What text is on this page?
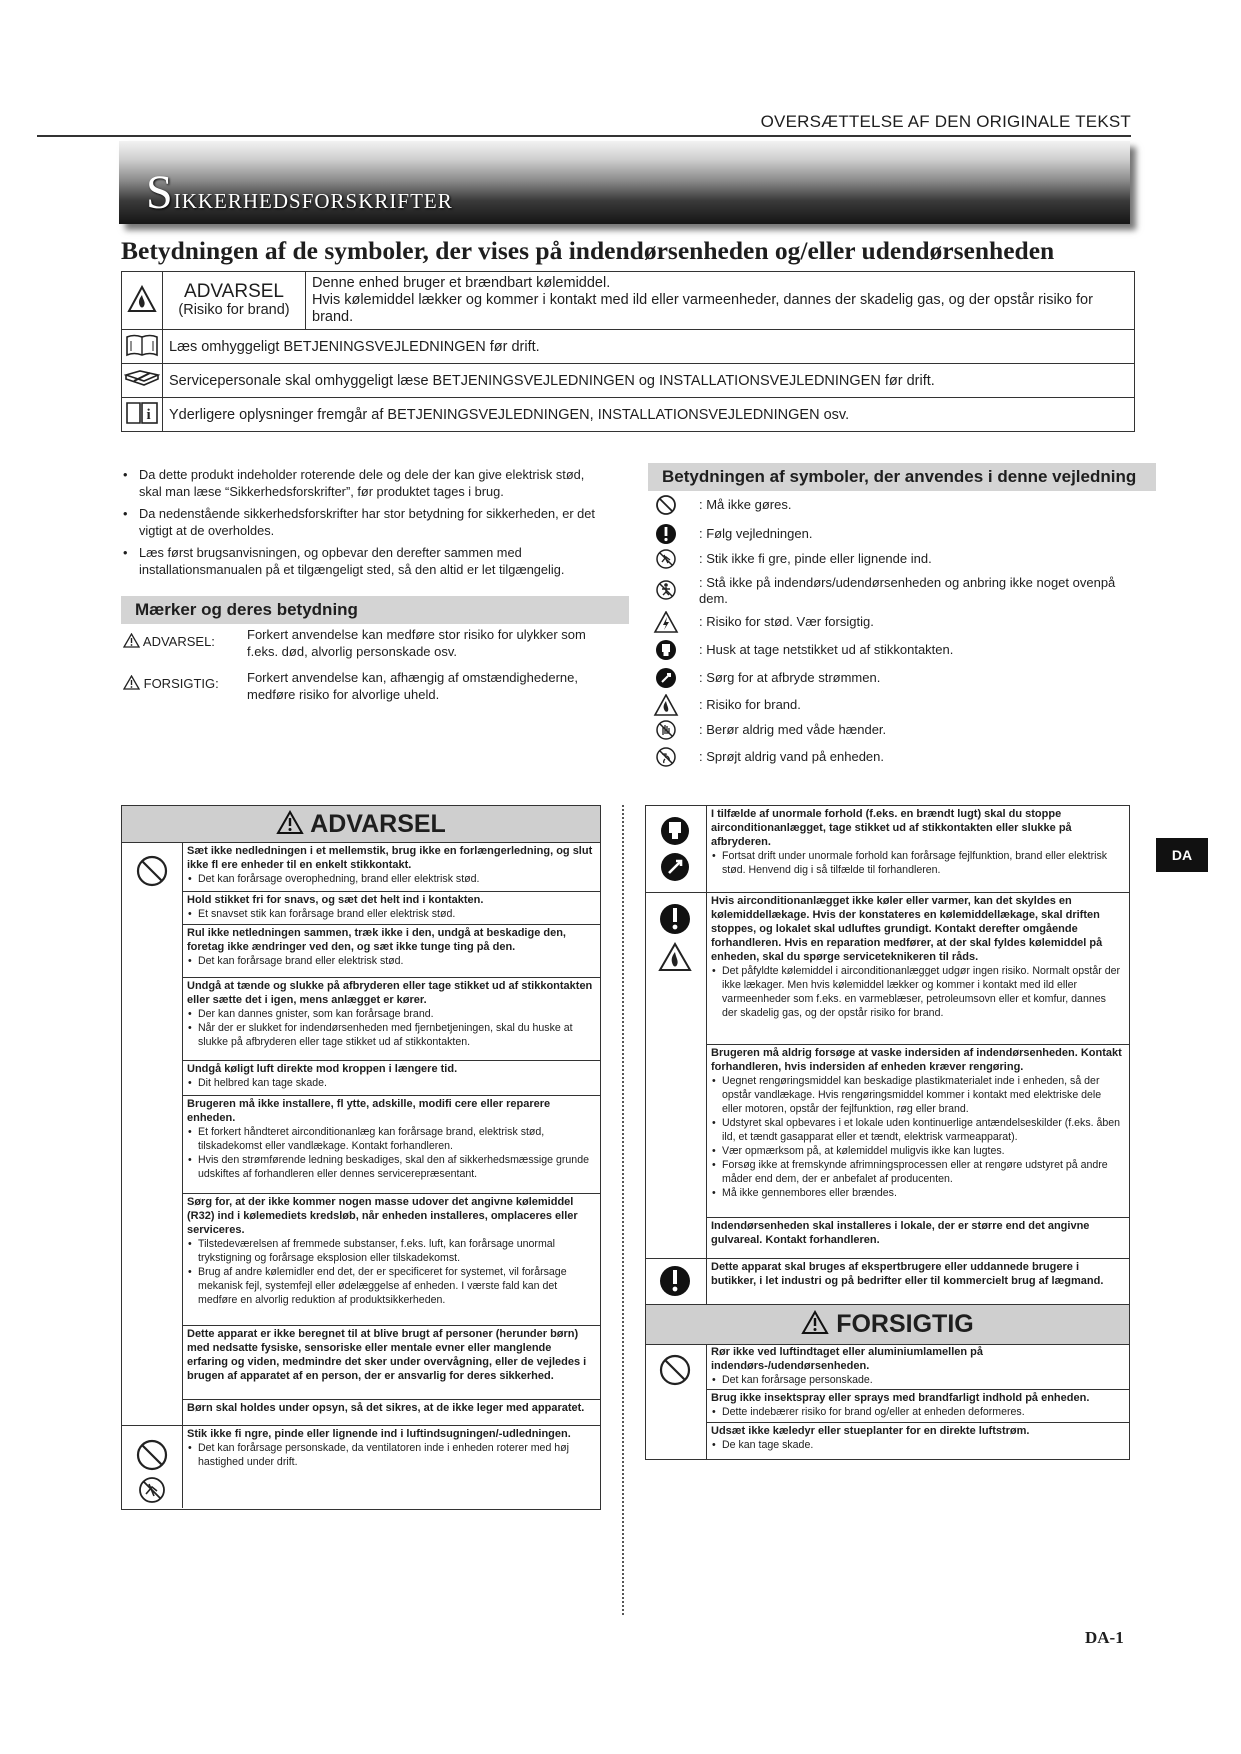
OVERSÆTTELSE AF DEN ORIGINALE TEKST
Sikkerhedsforskrifter
Betydningen af de symboler, der vises på indendørsenheden og/eller udendørsenheden
	ADVARSEL
(Risiko for brand)	Denne enhed bruger et brændbart kølemiddel.
Hvis kølemiddel lækker og kommer i kontakt med ild eller varmeenheder, dannes der skadelig gas, og der opstår risiko for brand.
	Læs omhyggeligt BETJENINGSVEJLEDNINGEN før drift.	
	Servicepersonale skal omhyggeligt læse BETJENINGSVEJLEDNINGEN og INSTALLATIONSVEJLEDNINGEN før drift.	

i	Yderligere oplysninger fremgår af BETJENINGSVEJLEDNINGEN, INSTALLATIONSVEJLEDNINGEN osv.	
• Da dette produkt indeholder roterende dele og dele der kan give elektrisk stød, skal man læse “Sikkerhedsforskrifter”, før produktet tages i brug.
• Da nedenstående sikkerhedsforskrifter har stor betydning for sikkerheden, er det vigtigt at de overholdes.
• Læs først brugsanvisningen, og opbevar den derefter sammen med installationsmanualen på et tilgængeligt sted, så den altid er let tilgængelig.
Mærker og deres betydning
ADVARSEL:	Forkert anvendelse kan medføre stor risiko for ulykker som f.eks. død, alvorlig personskade osv.
FORSIGTIG:	Forkert anvendelse kan, afhængig af omstændighederne, medføre risiko for alvorlige uheld.
Betydningen af symboler, der anvendes i denne vejledning
: Må ikke gøres.
: Følg vejledningen.
: Stik ikke fi gre, pinde eller lignende ind.
: Stå ikke på indendørs/udendørsenheden og anbring ikke noget ovenpå dem.
: Risiko for stød. Vær forsigtig.
: Husk at tage netstikket ud af stikkontakten.
: Sørg for at afbryde strømmen.
: Risiko for brand.
: Berør aldrig med våde hænder.
: Sprøjt aldrig vand på enheden.
ADVARSEL
Sæt ikke nedledningen i et mellemstik, brug ikke en forlængerledning, og slut ikke fl ere enheder til en enkelt stikkontakt.
• Det kan forårsage overophedning, brand eller elektrisk stød.
Hold stikket fri for snavs, og sæt det helt ind i kontakten.
• Et snavset stik kan forårsage brand eller elektrisk stød.
Rul ikke netledningen sammen, træk ikke i den, undgå at beskadige den, foretag ikke ændringer ved den, og sæt ikke tunge ting på den.
• Det kan forårsage brand eller elektrisk stød.
Undgå at tænde og slukke på afbryderen eller tage stikket ud af stikkontakten eller sætte det i igen, mens anlægget er kører.
• Der kan dannes gnister, som kan forårsage brand.
• Når der er slukket for indendørsenheden med fjernbetjeningen, skal du huske at slukke på afbryderen eller tage stikket ud af stikkontakten.
Undgå køligt luft direkte mod kroppen i længere tid.
• Dit helbred kan tage skade.
Brugeren må ikke installere, fl ytte, adskille, modifi cere eller reparere enheden.
• Et forkert håndteret airconditionanlæg kan forårsage brand, elektrisk stød, tilskadekomst eller vandlækage. Kontakt forhandleren.
• Hvis den strømførende ledning beskadiges, skal den af sikkerhedsmæssige grunde udskiftes af forhandleren eller dennes servicerepræsentant.
Sørg for, at der ikke kommer nogen masse udover det angivne kølemiddel (R32) ind i kølemediets kredsløb, når enheden installeres, omplaceres eller serviceres.
• Tilstedeværelsen af fremmede substanser, f.eks. luft, kan forårsage unormal trykstigning og forårsage eksplosion eller tilskadekomst.
• Brug af andre kølemidler end det, der er specificeret for systemet, vil forårsage mekanisk fejl, systemfejl eller ødelæggelse af enheden. I værste fald kan det medføre en alvorlig reduktion af produktsikkerheden.
Dette apparat er ikke beregnet til at blive brugt af personer (herunder børn) med nedsatte fysiske, sensoriske eller mentale evner eller manglende erfaring og viden, medmindre det sker under overvågning, eller de vejledes i brugen af apparatet af en person, der er ansvarlig for deres sikkerhed.
Børn skal holdes under opsyn, så det sikres, at de ikke leger med apparatet.
Stik ikke fi ngre, pinde eller lignende ind i luftindsugningen/-udledningen.
• Det kan forårsage personskade, da ventilatoren inde i enheden roterer med høj hastighed under drift.
I tilfælde af unormale forhold (f.eks. en brændt lugt) skal du stoppe airconditionanlægget, tage stikket ud af stikkontakten eller slukke på afbryderen.
• Fortsat drift under unormale forhold kan forårsage fejlfunktion, brand eller elektrisk stød. Henvend dig i så tilfælde til forhandleren.
Hvis airconditionanlægget ikke køler eller varmer, kan det skyldes en kølemiddellækage. Hvis der konstateres en kølemiddellækage, skal driften stoppes, og lokalet skal udluftes grundigt. Kontakt derefter omgående forhandleren. Hvis en reparation medfører, at der skal fyldes kølemiddel på enheden, skal du spørge serviceteknikeren til råds.
• Det påfyldte kølemiddel i airconditionanlægget udgør ingen risiko. Normalt opstår der ikke lækager. Men hvis kølemiddel lækker og kommer i kontakt med ild eller varmeenheder som f.eks. en varmeblæser, petroleumsovn eller et komfur, dannes der skadelig gas, og der opstår risiko for brand.
Brugeren må aldrig forsøge at vaske indersiden af indendørsenheden. Kontakt forhandleren, hvis indersiden af enheden kræver rengøring.
• Uegnet rengøringsmiddel kan beskadige plastikmaterialet inde i enheden, så der opstår vandlækage. Hvis rengøringsmiddel kommer i kontakt med elektriske dele eller motoren, opstår der fejlfunktion, røg eller brand.
• Udstyret skal opbevares i et lokale uden kontinuerlige antændelseskilder (f.eks. åben ild, et tændt gasapparat eller et tændt, elektrisk varmeapparat).
• Vær opmærksom på, at kølemiddel muligvis ikke kan lugtes.
• Forsøg ikke at fremskynde afrimningsprocessen eller at rengøre udstyret på andre måder end dem, der er anbefalet af producenten.
• Må ikke gennembores eller brændes.
Indendørsenheden skal installeres i lokale, der er større end det angivne gulvareal. Kontakt forhandleren.
Dette apparat skal bruges af ekspertbrugere eller uddannede brugere i butikker, i let industri og på bedrifter eller til kommercielt brug af lægmand.
FORSIGTIG
Rør ikke ved luftindtaget eller aluminiumlamellen på indendørs-/udendørsenheden.
• Det kan forårsage personskade.
Brug ikke insektspray eller sprays med brandfarligt indhold på enheden.
• Dette indebærer risiko for brand og/eller at enheden deformeres.
Udsæt ikke kæledyr eller stueplanter for en direkte luftstrøm.
• De kan tage skade.
DA
DA-1
